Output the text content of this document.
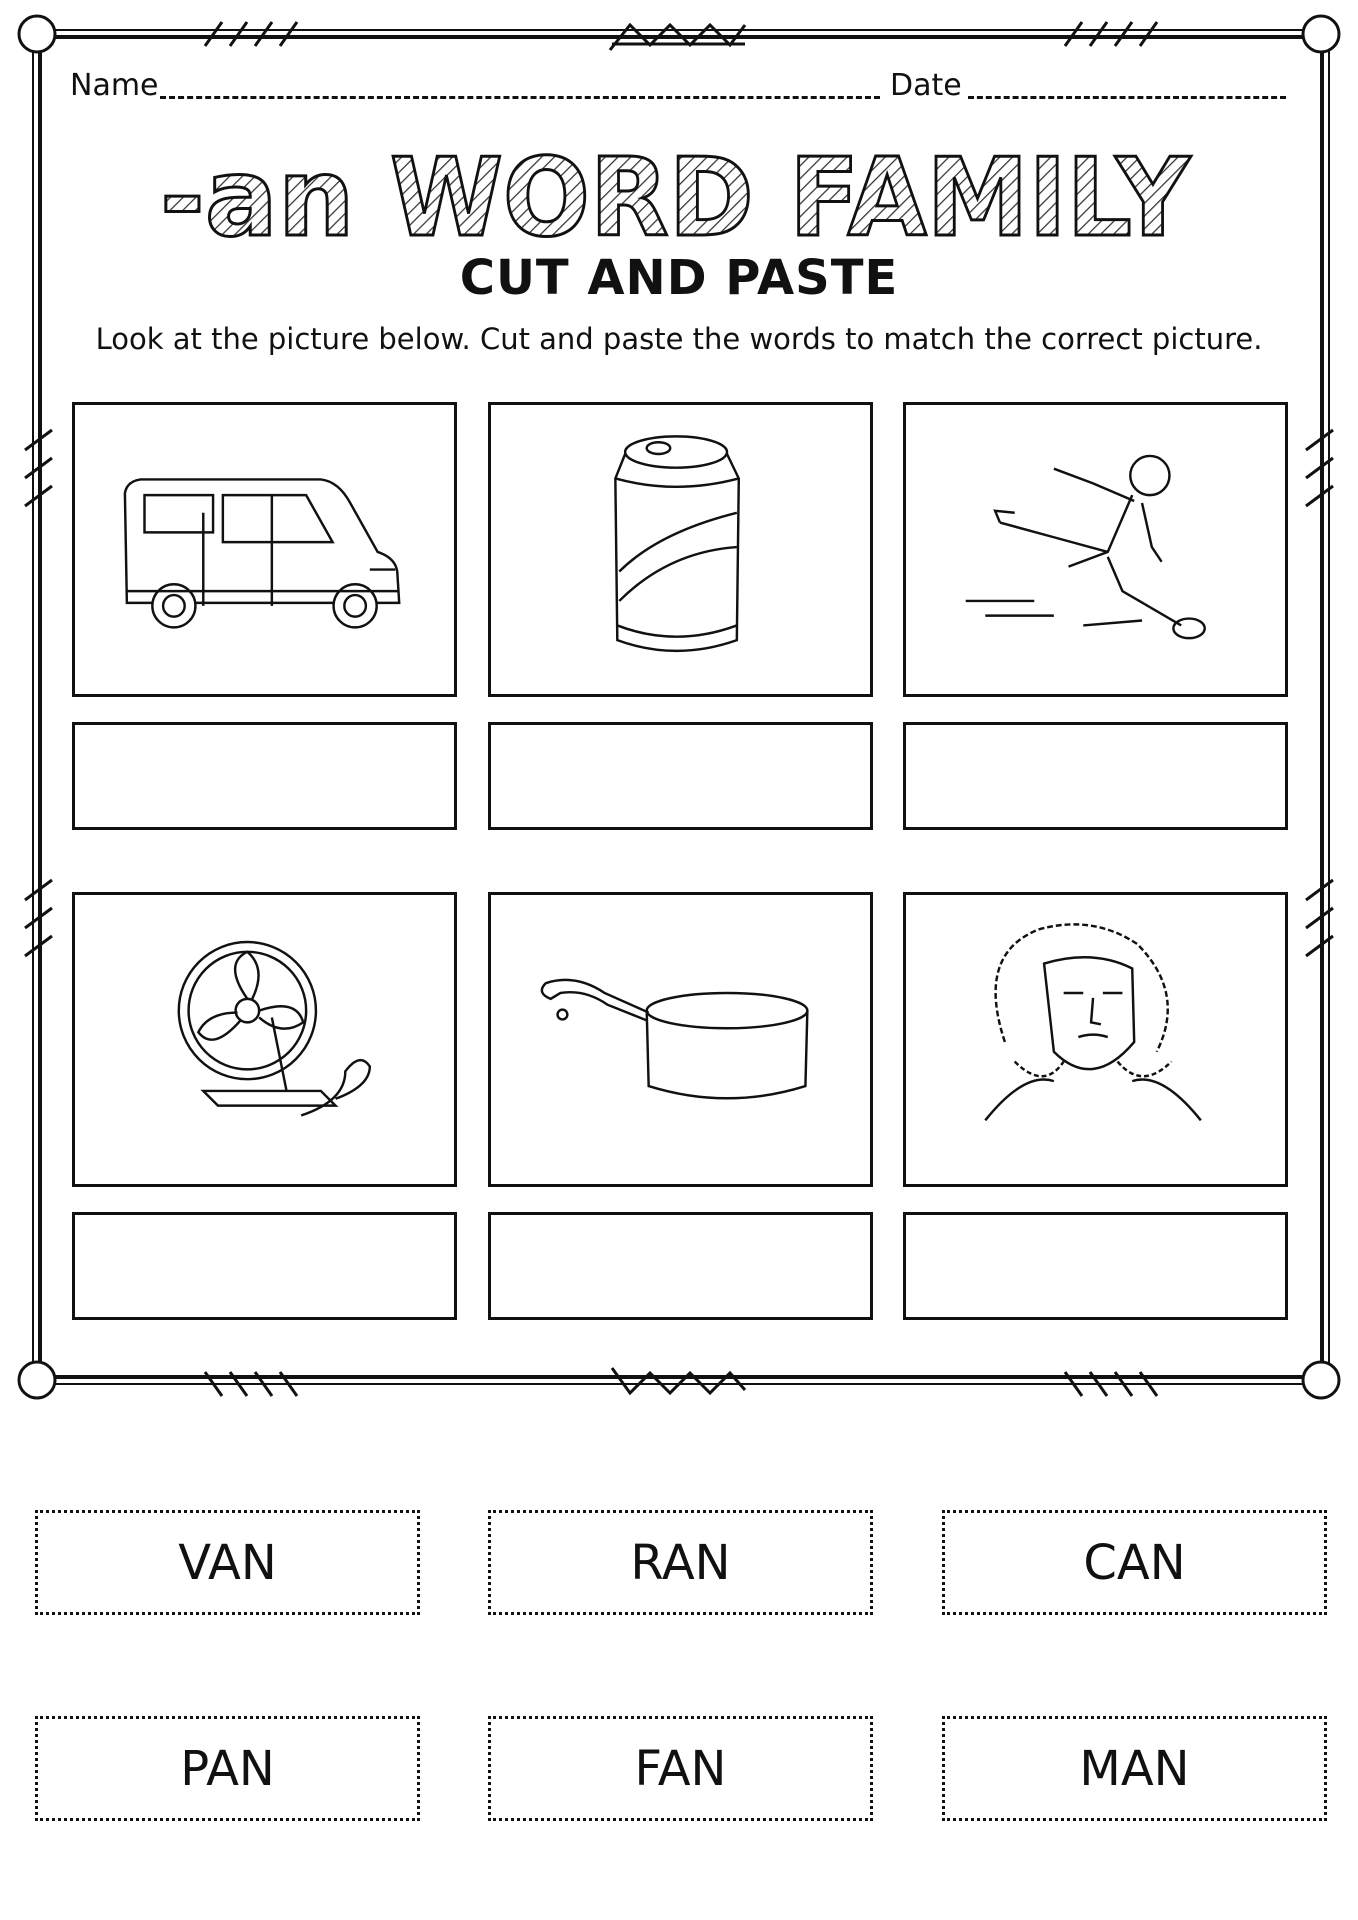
Name	Date
-an WORD FAMILY
CUT AND PASTE
Look at the picture below. Cut and paste the words to match the correct picture.
VAN	RAN	CAN
PAN	FAN	MAN
